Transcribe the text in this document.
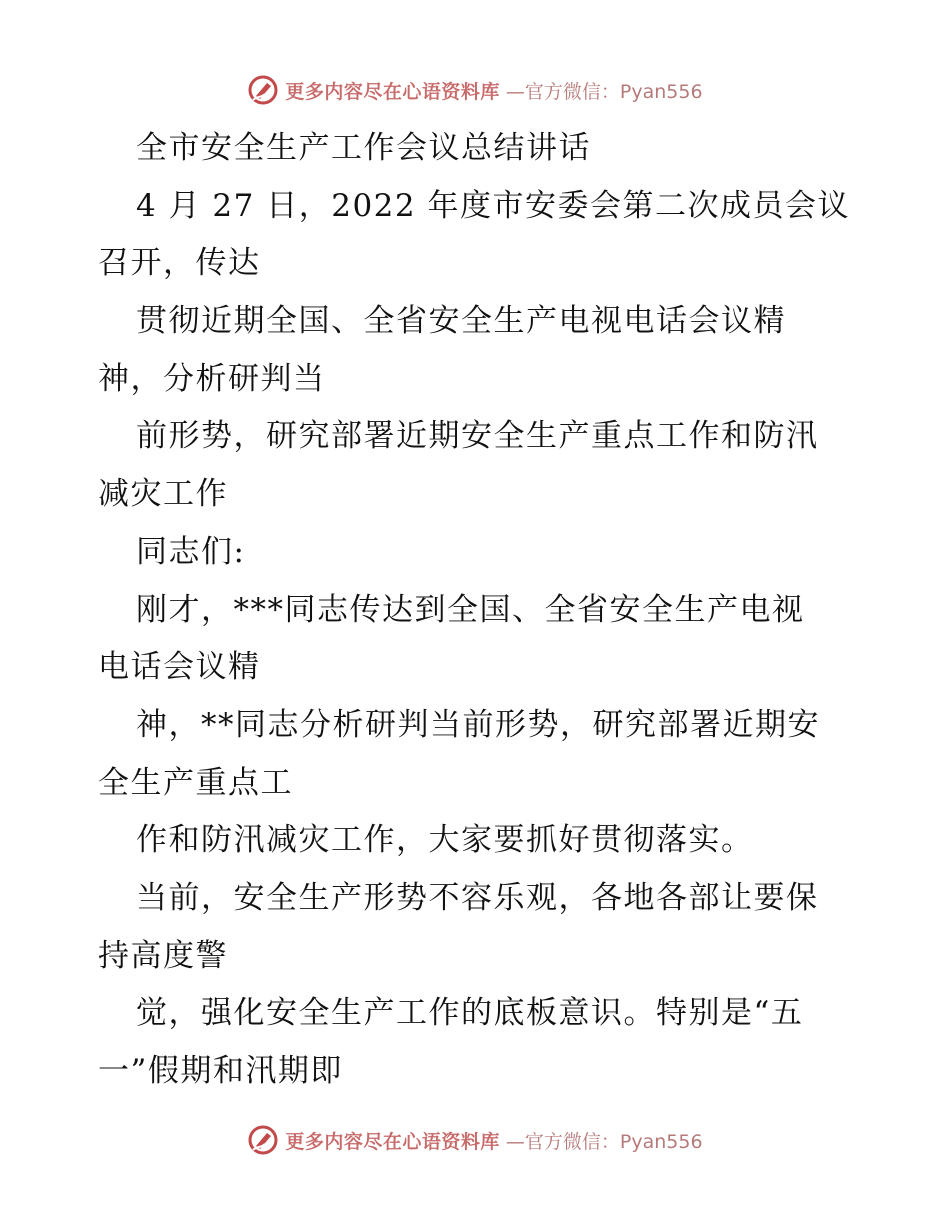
更多内容尽在心语资料库 —官方微信：Pyan556
全市安全生产工作会议总结讲话
4 月 27 日，2022 年度市安委会第二次成员会议
召开，传达
贯彻近期全国、全省安全生产电视电话会议精
神，分析研判当
前形势，研究部署近期安全生产重点工作和防汛
减灾工作
同志们:
刚才，***同志传达到全国、全省安全生产电视
电话会议精
神，**同志分析研判当前形势，研究部署近期安
全生产重点工
作和防汛减灾工作，大家要抓好贯彻落实。
当前，安全生产形势不容乐观，各地各部让要保
持高度警
觉，强化安全生产工作的底板意识。特别是“五
一”假期和汛期即
更多内容尽在心语资料库 —官方微信：Pyan556
